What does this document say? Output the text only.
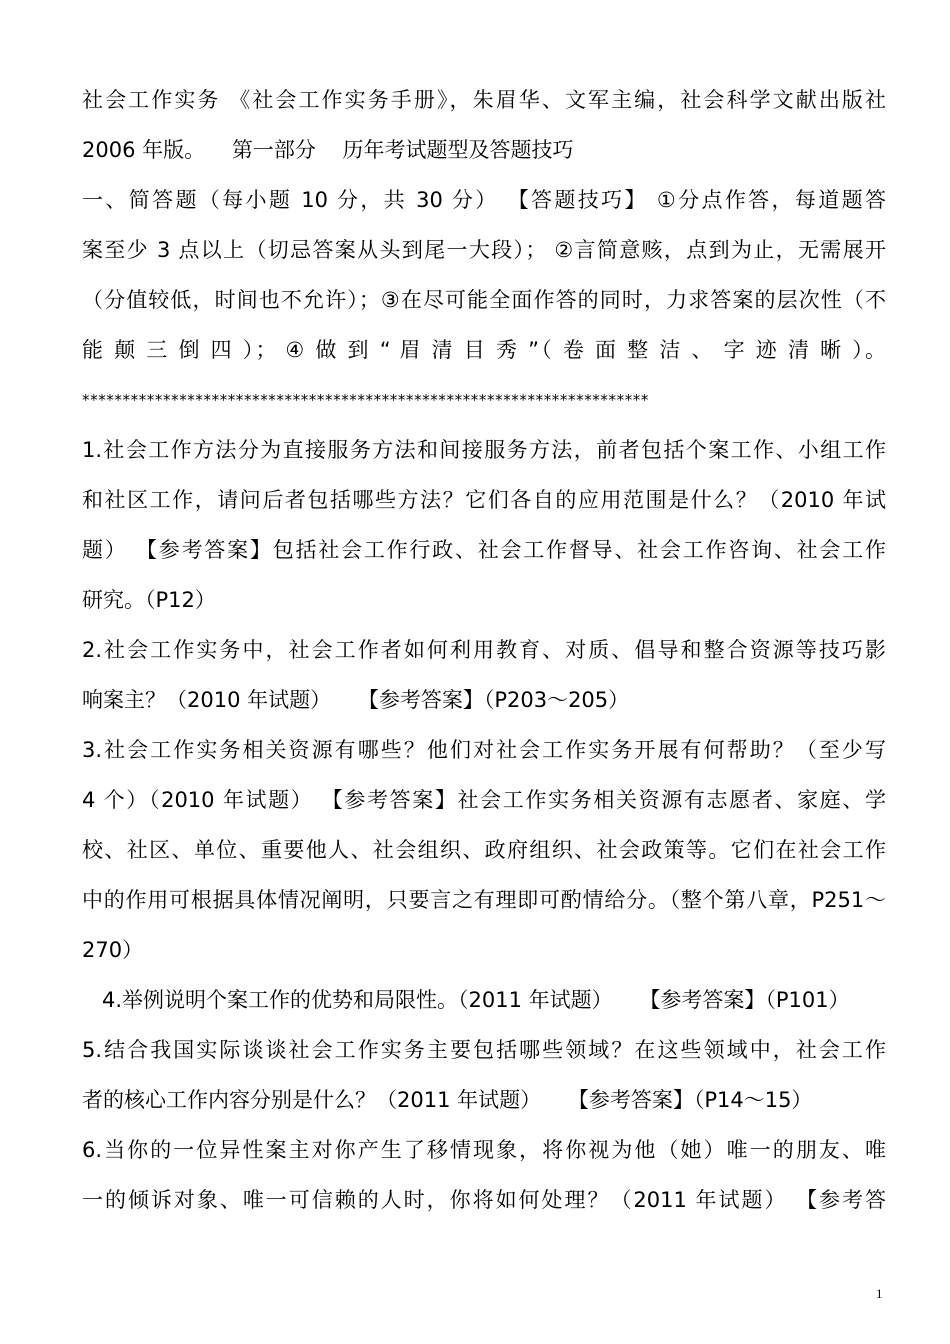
社会工作实务 《社会工作实务手册》，朱眉华、文军主编，社会科学文献出版社
2006 年版。    第一部分    历年考试题型及答题技巧
一、简答题（每小题 10 分，共 30 分） 【答题技巧】 ①分点作答，每道题答
案至少 3 点以上（切忌答案从头到尾一大段）； ②言简意赅，点到为止，无需展开
（分值较低，时间也不允许）；③在尽可能全面作答的同时，力求答案的层次性（不
能 颠 三 倒 四 ）； ④ 做 到 “ 眉 清 目 秀 ”（ 卷 面 整 洁 、 字 迹 清 晰 ）。
**********************************************************************
1.社会工作方法分为直接服务方法和间接服务方法，前者包括个案工作、小组工作
和社区工作，请问后者包括哪些方法？它们各自的应用范围是什么？（2010 年试
题） 【参考答案】包括社会工作行政、社会工作督导、社会工作咨询、社会工作
研究。（P12）
2.社会工作实务中，社会工作者如何利用教育、对质、倡导和整合资源等技巧影
响案主？（2010 年试题）    【参考答案】（P203～205）
3.社会工作实务相关资源有哪些？他们对社会工作实务开展有何帮助？（至少写
4 个）（2010 年试题） 【参考答案】社会工作实务相关资源有志愿者、家庭、学
校、社区、单位、重要他人、社会组织、政府组织、社会政策等。它们在社会工作
中的作用可根据具体情况阐明，只要言之有理即可酌情给分。（整个第八章，P251～
270）
4.举例说明个案工作的优势和局限性。（2011 年试题）    【参考答案】（P101）
5.结合我国实际谈谈社会工作实务主要包括哪些领域？在这些领域中，社会工作
者的核心工作内容分别是什么？（2011 年试题）    【参考答案】（P14～15）
6.当你的一位异性案主对你产生了移情现象，将你视为他（她）唯一的朋友、唯
一的倾诉对象、唯一可信赖的人时，你将如何处理？（2011 年试题） 【参考答
1
